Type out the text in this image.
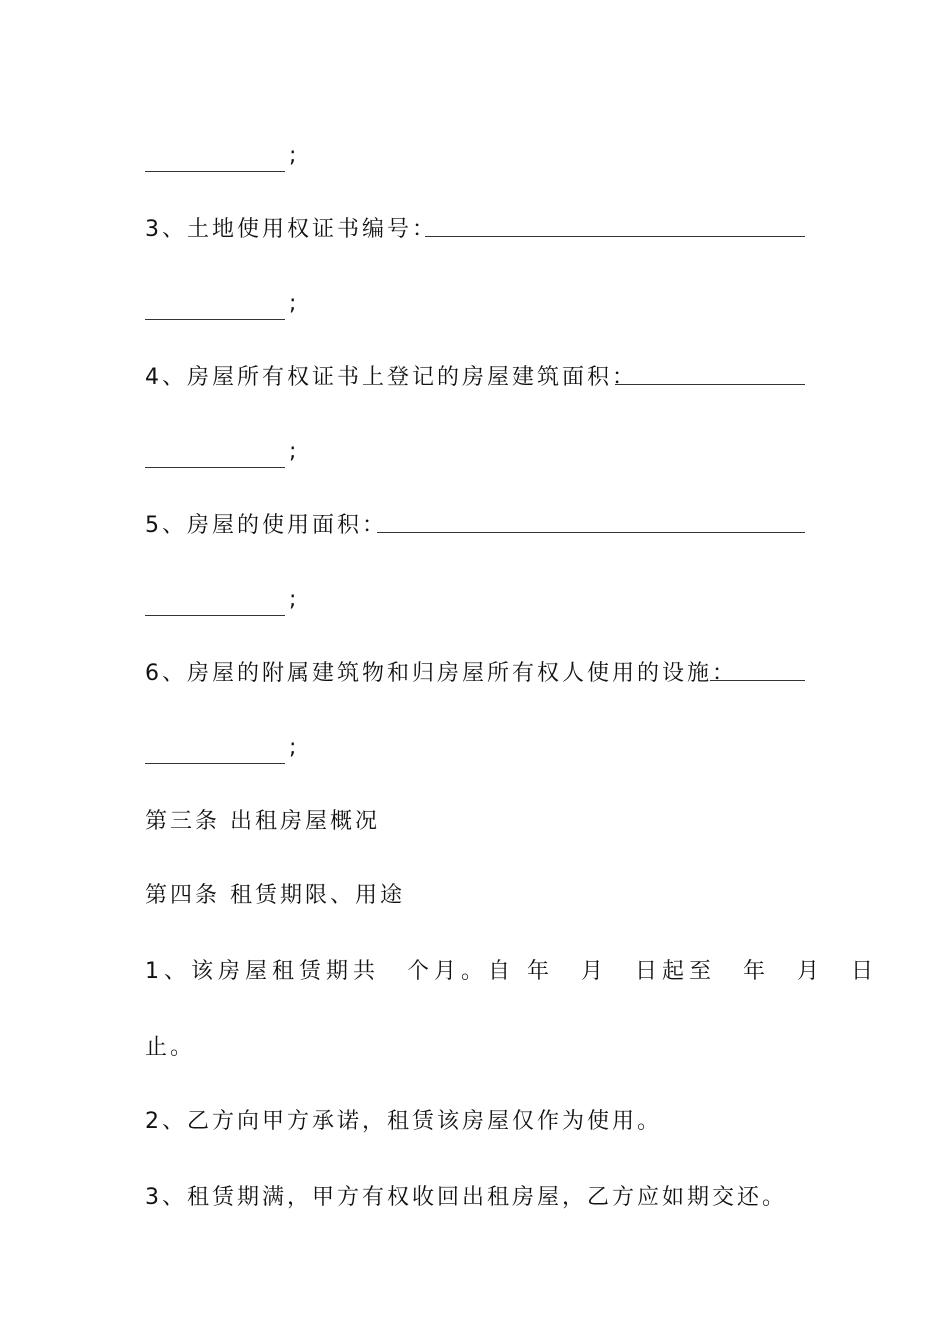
;
3、土地使用权证书编号：
;
4、房屋所有权证书上登记的房屋建筑面积：
;
5、房屋的使用面积：
;
6、房屋的附属建筑物和归房屋所有权人使用的设施：
;
第三条 出租房屋概况
第四条 租赁期限、用途
1、该房屋租赁期共　个月。自 年　月　日起至　年　月　日
止。
2、乙方向甲方承诺，租赁该房屋仅作为使用。
3、租赁期满，甲方有权收回出租房屋，乙方应如期交还。
